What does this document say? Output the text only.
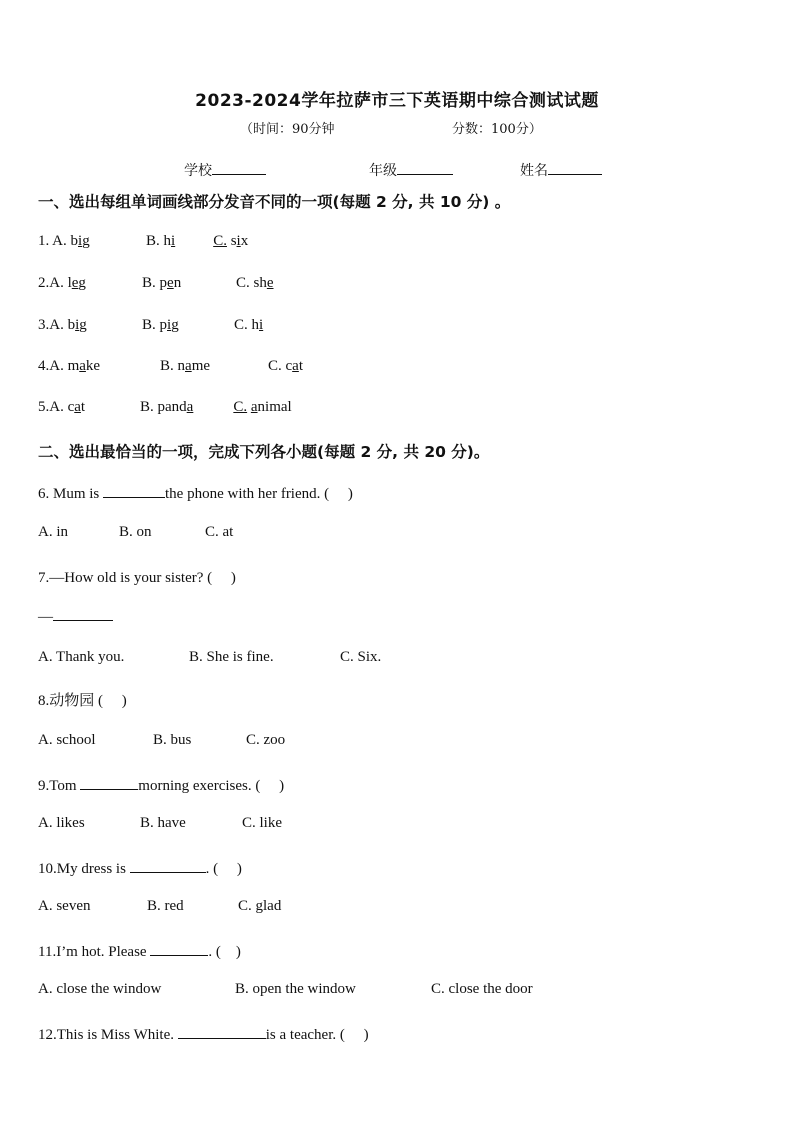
2023-2024学年拉萨市三下英语期中综合测试试题
（时间：90分钟	分数：100分）
学校	年级	姓名
一、选出每组单词画线部分发音不同的一项(每题 2 分, 共 10 分) 。
1. A. big	B. hi	C. six
2.A. leg	B. pen	C. she
3.A. big	B. pig	C. hi
4.A. make	B. name	C. cat
5.A. cat	B. panda	C. animal
二、选出最恰当的一项，完成下列各小题(每题 2 分, 共 20 分)。
6. Mum is	the phone with her friend. (　 )
A. in	B. on	C. at
7.—How old is your sister? (　 )
—
A. Thank you.	B. She is fine.	C. Six.
8.动物园 (　 )
A. school	B. bus	C. zoo
9.Tom	morning exercises. (　 )
A. likes	B. have	C. like
10.My dress is	. (　 )
A. seven	B. red	C. glad
11.I’m hot. Please	. (　)
A. close the window	B. open the window	C. close the door
12.This is Miss White.	is a teacher. (　 )
